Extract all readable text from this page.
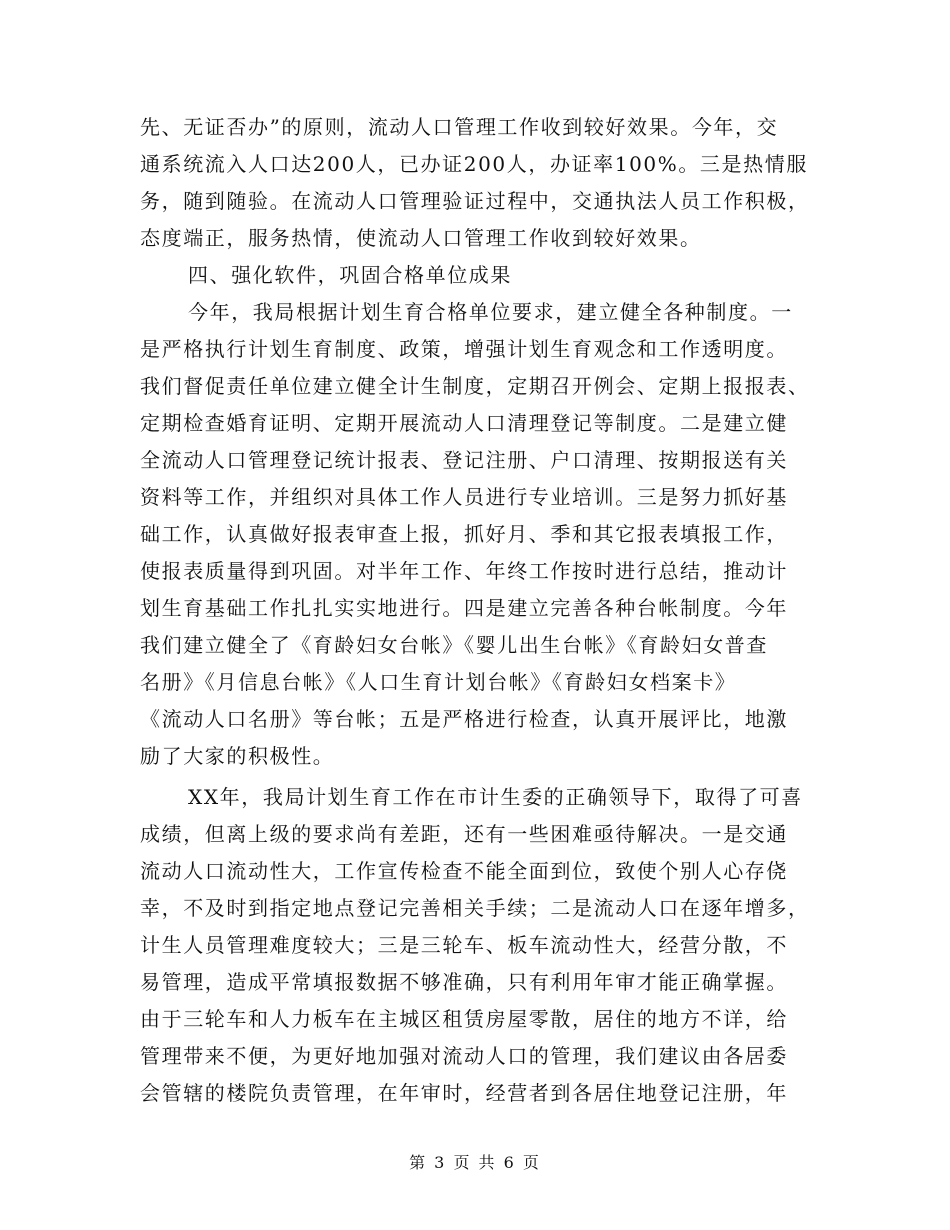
先、无证否办”的原则，流动人口管理工作收到较好效果。今年，交
通系统流入人口达200人，已办证200人，办证率100%。三是热情服
务，随到随验。在流动人口管理验证过程中，交通执法人员工作积极，
态度端正，服务热情，使流动人口管理工作收到较好效果。
四、强化软件，巩固合格单位成果
今年，我局根据计划生育合格单位要求，建立健全各种制度。一
是严格执行计划生育制度、政策，增强计划生育观念和工作透明度。
我们督促责任单位建立健全计生制度，定期召开例会、定期上报报表、
定期检查婚育证明、定期开展流动人口清理登记等制度。二是建立健
全流动人口管理登记统计报表、登记注册、户口清理、按期报送有关
资料等工作，并组织对具体工作人员进行专业培训。三是努力抓好基
础工作，认真做好报表审查上报，抓好月、季和其它报表填报工作，
使报表质量得到巩固。对半年工作、年终工作按时进行总结，推动计
划生育基础工作扎扎实实地进行。四是建立完善各种台帐制度。今年
我们建立健全了《育龄妇女台帐》《婴儿出生台帐》《育龄妇女普查
名册》《月信息台帐》《人口生育计划台帐》《育龄妇女档案卡》
《流动人口名册》等台帐；五是严格进行检查，认真开展评比，地激
励了大家的积极性。
XX年，我局计划生育工作在市计生委的正确领导下，取得了可喜
成绩，但离上级的要求尚有差距，还有一些困难亟待解决。一是交通
流动人口流动性大，工作宣传检查不能全面到位，致使个别人心存侥
幸，不及时到指定地点登记完善相关手续；二是流动人口在逐年增多，
计生人员管理难度较大；三是三轮车、板车流动性大，经营分散，不
易管理，造成平常填报数据不够准确，只有利用年审才能正确掌握。
由于三轮车和人力板车在主城区租赁房屋零散，居住的地方不详，给
管理带来不便，为更好地加强对流动人口的管理，我们建议由各居委
会管辖的楼院负责管理，在年审时，经营者到各居住地登记注册，年
第 3 页 共 6 页
